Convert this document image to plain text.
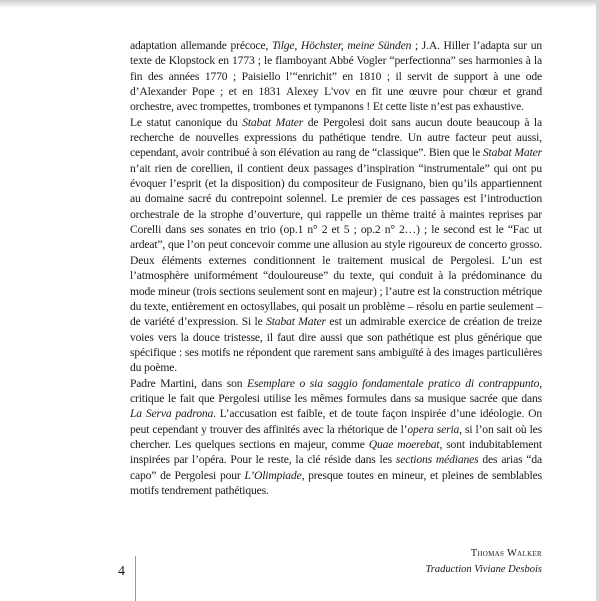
adaptation allemande précoce, Tilge, Höchster, meine Sünden ; J.A. Hiller l’adapta sur un texte de Klopstock en 1773 ; le flamboyant Abbé Vogler “perfectionna” ses harmonies à la fin des années 1770 ; Paisiello l’“enrichit” en 1810 ; il servit de support à une ode d’Alexander Pope ; et en 1831 Alexey L'vov en fit une œuvre pour chœur et grand orchestre, avec trompettes, trombones et tympanons ! Et cette liste n’est pas exhaustive.

Le statut canonique du Stabat Mater de Pergolesi doit sans aucun doute beaucoup à la recherche de nouvelles expressions du pathétique tendre. Un autre facteur peut aussi, cependant, avoir contribué à son élévation au rang de “classique”. Bien que le Stabat Mater n’ait rien de corellien, il contient deux passages d’inspiration “instrumentale” qui ont pu évoquer l’esprit (et la disposition) du compositeur de Fusignano, bien qu’ils appartiennent au domaine sacré du contrepoint solennel. Le premier de ces passages est l’introduction orchestrale de la strophe d’ouverture, qui rappelle un thème traité à maintes reprises par Corelli dans ses sonates en trio (op.1 n° 2 et 5 ; op.2 n° 2…) ; le second est le “Fac ut ardeat”, que l’on peut concevoir comme une allusion au style rigoureux de concerto grosso. Deux éléments externes conditionnent le traitement musical de Pergolesi. L’un est l’atmosphère uniformément “douloureuse” du texte, qui conduit à la prédominance du mode mineur (trois sections seulement sont en majeur) ; l’autre est la construction métrique du texte, entièrement en octosyllabes, qui posait un problème – résolu en partie seulement – de variété d’expression. Si le Stabat Mater est un admirable exercice de création de treize voies vers la douce tristesse, il faut dire aussi que son pathétique est plus générique que spécifique : ses motifs ne répondent que rarement sans ambiguïté à des images particulières du poème.

Padre Martini, dans son Esemplare o sia saggio fondamentale pratico di contrappunto, critique le fait que Pergolesi utilise les mêmes formules dans sa musique sacrée que dans La Serva padrona. L’accusation est faible, et de toute façon inspirée d’une idéologie. On peut cependant y trouver des affinités avec la rhétorique de l’opera seria, si l’on sait où les chercher. Les quelques sections en majeur, comme Quae moerebat, sont indubitablement inspirées par l’opéra. Pour le reste, la clé réside dans les sections médianes des arias “da capo” de Pergolesi pour L’Olimpiade, presque toutes en mineur, et pleines de semblables motifs tendrement pathétiques.

Thomas Walker
Traduction Viviane Desbois
4
